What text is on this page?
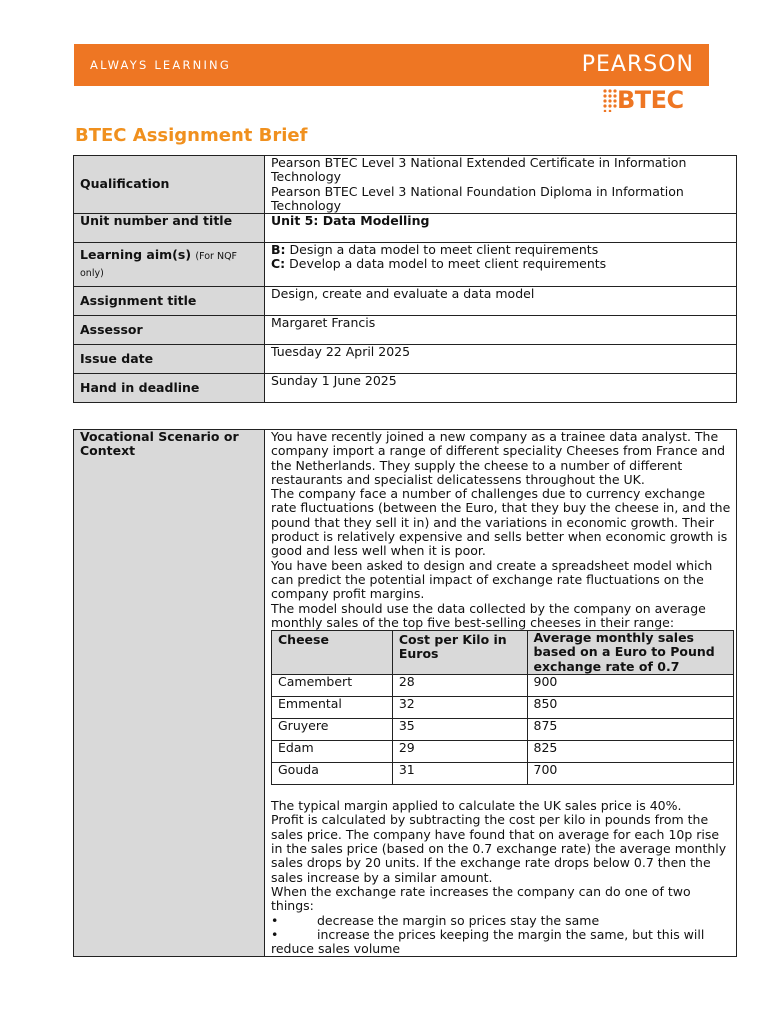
ALWAYS LEARNING	PEARSON
BTEC
BTEC Assignment Brief
Qualification	Pearson BTEC Level 3 National Extended Certificate in Information Technology
Pearson BTEC Level 3 National Foundation Diploma in Information Technology

Unit number and title	Unit 5: Data Modelling
Learning aim(s) (For NQF only)	B: Design a data model to meet client requirements
C: Develop a data model to meet client requirements

Assignment title	Design, create and evaluate a data model
Assessor	Margaret Francis
Issue date	Tuesday 22 April 2025
Hand in deadline	Sunday 1 June 2025
Vocational Scenario or Context	
You have recently joined a new company as a trainee data analyst. The company import a range of different speciality Cheeses from France and the Netherlands. They supply the cheese to a number of different restaurants and specialist delicatessens throughout the UK.
The company face a number of challenges due to currency exchange rate fluctuations (between the Euro, that they buy the cheese in, and the pound that they sell it in) and the variations in economic growth. Their product is relatively expensive and sells better when economic growth is good and less well when it is poor.
You have been asked to design and create a spreadsheet model which can predict the potential impact of exchange rate fluctuations on the company profit margins.
The model should use the data collected by the company on average monthly sales of the top five best-selling cheeses in their range:
Cheese	Cost per Kilo in Euros	Average monthly sales based on a Euro to Pound exchange rate of 0.7
Camembert	28	900
Emmental	32	850
Gruyere	35	875
Edam	29	825
Gouda	31	700
The typical margin applied to calculate the UK sales price is 40%.
Profit is calculated by subtracting the cost per kilo in pounds from the sales price. The company have found that on average for each 10p rise in the sales price (based on the 0.7 exchange rate) the average monthly sales drops by 20 units. If the exchange rate drops below 0.7 then the sales increase by a similar amount.
When the exchange rate increases the company can do one of two things:
•	decrease the margin so prices stay the same
•	increase the prices keeping the margin the same, but this will reduce sales volume
